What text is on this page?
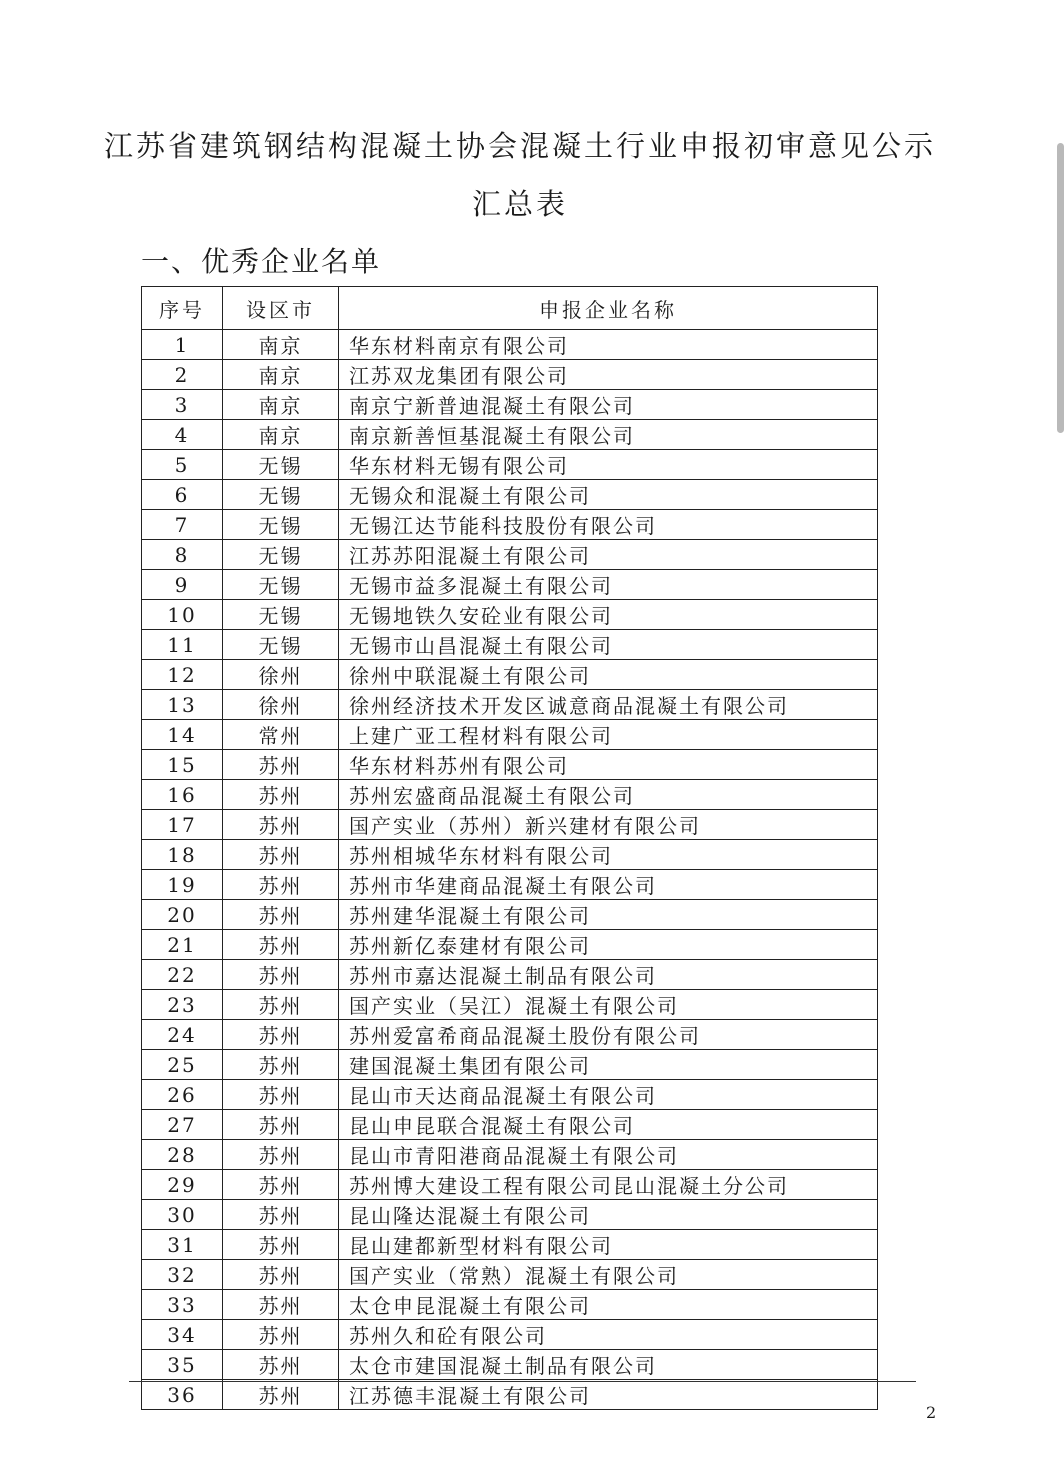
江苏省建筑钢结构混凝土协会混凝土行业申报初审意见公示
汇总表
一、优秀企业名单
序号	设区市	申报企业名称
1	南京	华东材料南京有限公司
2	南京	江苏双龙集团有限公司
3	南京	南京宁新普迪混凝土有限公司
4	南京	南京新善恒基混凝土有限公司
5	无锡	华东材料无锡有限公司
6	无锡	无锡众和混凝土有限公司
7	无锡	无锡江达节能科技股份有限公司
8	无锡	江苏苏阳混凝土有限公司
9	无锡	无锡市益多混凝土有限公司
10	无锡	无锡地铁久安砼业有限公司
11	无锡	无锡市山昌混凝土有限公司
12	徐州	徐州中联混凝土有限公司
13	徐州	徐州经济技术开发区诚意商品混凝土有限公司
14	常州	上建广亚工程材料有限公司
15	苏州	华东材料苏州有限公司
16	苏州	苏州宏盛商品混凝土有限公司
17	苏州	国产实业（苏州）新兴建材有限公司
18	苏州	苏州相城华东材料有限公司
19	苏州	苏州市华建商品混凝土有限公司
20	苏州	苏州建华混凝土有限公司
21	苏州	苏州新亿泰建材有限公司
22	苏州	苏州市嘉达混凝土制品有限公司
23	苏州	国产实业（吴江）混凝土有限公司
24	苏州	苏州爱富希商品混凝土股份有限公司
25	苏州	建国混凝土集团有限公司
26	苏州	昆山市天达商品混凝土有限公司
27	苏州	昆山申昆联合混凝土有限公司
28	苏州	昆山市青阳港商品混凝土有限公司
29	苏州	苏州博大建设工程有限公司昆山混凝土分公司
30	苏州	昆山隆达混凝土有限公司
31	苏州	昆山建都新型材料有限公司
32	苏州	国产实业（常熟）混凝土有限公司
33	苏州	太仓申昆混凝土有限公司
34	苏州	苏州久和砼有限公司
35	苏州	太仓市建国混凝土制品有限公司
36	苏州	江苏德丰混凝土有限公司
2
